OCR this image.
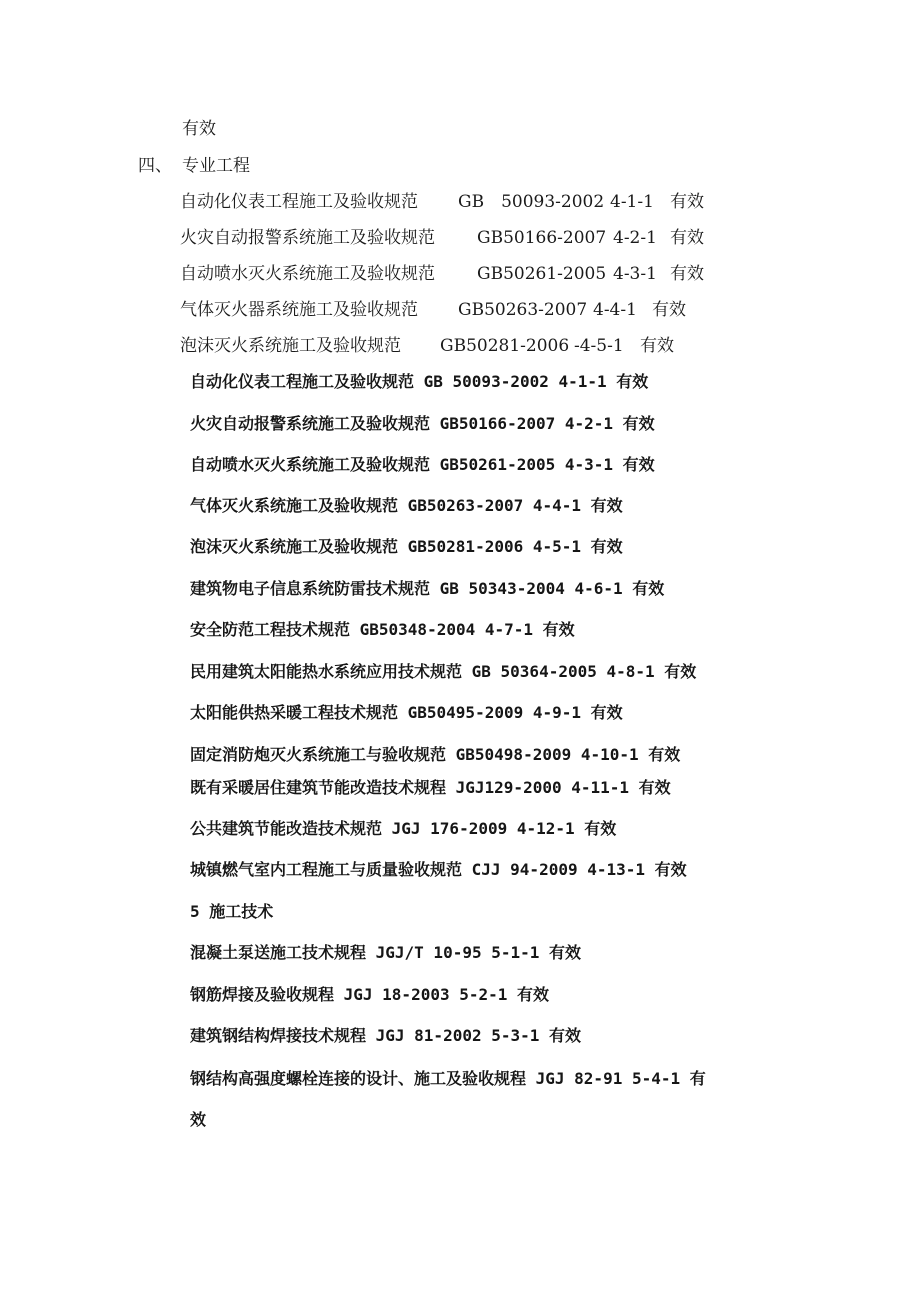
有效
四、 专业工程
自动化仪表工程施工及验收规范 GB　50093-2002 4-1-1 有效
火灾自动报警系统施工及验收规范 GB50166-2007 4-2-1 有效
自动喷水灭火系统施工及验收规范 GB50261-2005 4-3-1 有效
气体灭火器系统施工及验收规范 GB50263-2007 4-4-1 有效
泡沫灭火系统施工及验收规范 GB50281-2006 -4-5-1 有效
自动化仪表工程施工及验收规范 GB 50093-2002 4-1-1 有效
火灾自动报警系统施工及验收规范 GB50166-2007 4-2-1 有效
自动喷水灭火系统施工及验收规范 GB50261-2005 4-3-1 有效
气体灭火系统施工及验收规范 GB50263-2007 4-4-1 有效
泡沫灭火系统施工及验收规范 GB50281-2006 4-5-1 有效
建筑物电子信息系统防雷技术规范 GB 50343-2004 4-6-1 有效
安全防范工程技术规范 GB50348-2004 4-7-1 有效
民用建筑太阳能热水系统应用技术规范 GB 50364-2005 4-8-1 有效
太阳能供热采暖工程技术规范 GB50495-2009 4-9-1 有效
固定消防炮灭火系统施工与验收规范 GB50498-2009 4-10-1 有效
既有采暖居住建筑节能改造技术规程 JGJ129-2000 4-11-1 有效
公共建筑节能改造技术规范 JGJ 176-2009 4-12-1 有效
城镇燃气室内工程施工与质量验收规范 CJJ 94-2009 4-13-1 有效
5 施工技术
混凝土泵送施工技术规程 JGJ/T 10-95 5-1-1 有效
钢筋焊接及验收规程 JGJ 18-2003 5-2-1 有效
建筑钢结构焊接技术规程 JGJ 81-2002 5-3-1 有效
钢结构高强度螺栓连接的设计、施工及验收规程 JGJ 82-91 5-4-1 有
效
